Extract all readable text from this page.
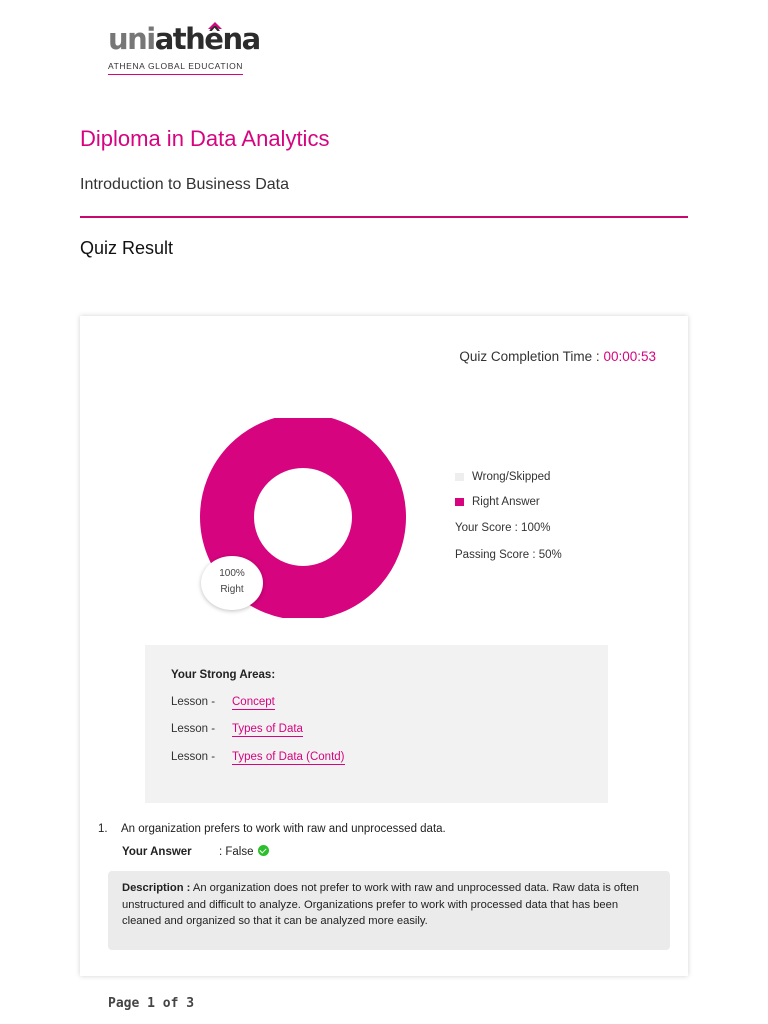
uniathêna
ATHENA GLOBAL EDUCATION
Diploma in Data Analytics
Introduction to Business Data
Quiz Result
Quiz Completion Time : 00:00:53
100%
Right
Wrong/Skipped
Right Answer
Your Score : 100%
Passing Score : 50%
Your Strong Areas:
Lesson - Concept
Lesson - Types of Data
Lesson - Types of Data (Contd)
1. An organization prefers to work with raw and unprocessed data.
Your Answer : False
Description : An organization does not prefer to work with raw and unprocessed data. Raw data is often unstructured and difficult to analyze. Organizations prefer to work with processed data that has been cleaned and organized so that it can be analyzed more easily.
Page 1 of 3
